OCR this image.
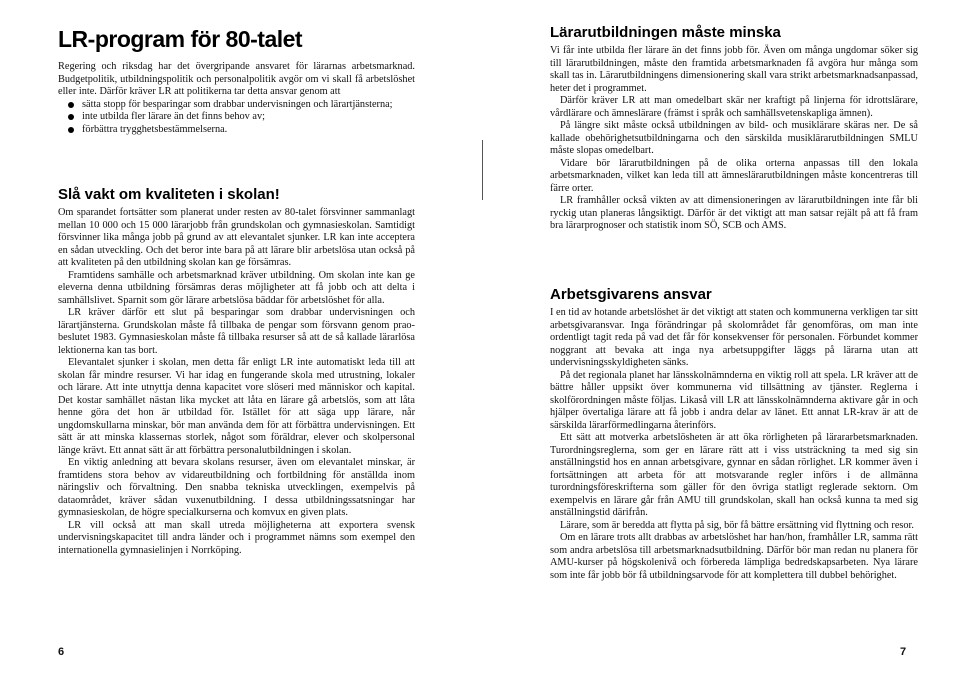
LR-program för 80-talet

Regering och riksdag har det övergripande ansvaret för lärarnas arbetsmarknad. Budgetpolitik, utbildningspolitik och personalpolitik avgör om vi skall få arbetslöshet eller inte. Därför kräver LR att politikerna tar detta ansvar genom att

sätta stopp för besparingar som drabbar undervisningen och lärartjänsterna;
inte utbilda fler lärare än det finns behov av;
förbättra trygghetsbestämmelserna.
Slå vakt om kvaliteten i skolan!

Om sparandet fortsätter som planerat under resten av 80-talet försvinner sammanlagt mellan 10 000 och 15 000 lärarjobb från grundskolan och gymnasieskolan. Samtidigt försvinner lika många jobb på grund av att elevantalet sjunker. LR kan inte acceptera en sådan utveckling. Och det beror inte bara på att lärare blir arbetslösa utan också på att kvaliteten på den utbildning skolan kan ge försämras.

Framtidens samhälle och arbetsmarknad kräver utbildning. Om skolan inte kan ge eleverna denna utbildning försämras deras möjligheter att få jobb och att delta i samhällslivet. Sparnit som gör lärare arbetslösa bäddar för arbetslöshet för alla.

LR kräver därför ett slut på besparingar som drabbar undervisningen och lärartjänsterna. Grundskolan måste få tillbaka de pengar som försvann genom prao-beslutet 1983. Gymnasieskolan måste få tillbaka resurser så att de så kallade lärarlösa lektionerna kan tas bort.

Elevantalet sjunker i skolan, men detta får enligt LR inte automatiskt leda till att skolan får mindre resurser. Vi har idag en fungerande skola med utrustning, lokaler och lärare. Att inte utnyttja denna kapacitet vore slöseri med människor och kapital. Det kostar samhället nästan lika mycket att låta en lärare gå arbetslös, som att låta henne göra det hon är utbildad för. Istället för att säga upp lärare, når ungdomskullarna minskar, bör man använda dem för att förbättra undervisningen. Ett sätt är att minska klassernas storlek, något som föräldrar, elever och skolpersonal länge krävt. Ett annat sätt är att förbättra personalutbildningen i skolan.

En viktig anledning att bevara skolans resurser, även om elevantalet minskar, är framtidens stora behov av vidareutbildning och fortbildning för anställda inom näringsliv och förvaltning. Den snabba tekniska utvecklingen, exempelvis på dataområdet, kräver sådan vuxenutbildning. I dessa utbildningssatsningar har gymnasieskolan, de högre specialkurserna och komvux en given plats.

LR vill också att man skall utreda möjligheterna att exportera svensk undervisningskapacitet till andra länder och i programmet nämns som exempel den internationella gymnasielinjen i Norrköping.

6
Lärarutbildningen måste minska

Vi får inte utbilda fler lärare än det finns jobb för. Även om många ungdomar söker sig till lärarutbildningen, måste den framtida arbetsmarknaden få avgöra hur många som skall tas in. Lärarutbildningens dimensionering skall vara strikt arbetsmarknadsanpassad, heter det i programmet.

Därför kräver LR att man omedelbart skär ner kraftigt på linjerna för idrottslärare, vårdlärare och ämneslärare (främst i språk och samhällsvetenskapliga ämnen).

På längre sikt måste också utbildningen av bild- och musiklärare skäras ner. De så kallade obehörighetsutbildningarna och den särskilda musiklärarutbildningen SMLU måste slopas omedelbart.

Vidare bör lärarutbildningen på de olika orterna anpassas till den lokala arbetsmarknaden, vilket kan leda till att ämneslärarutbildningen måste koncentreras till färre orter.

LR framhåller också vikten av att dimensioneringen av lärarutbildningen inte får bli ryckig utan planeras långsiktigt. Därför är det viktigt att man satsar rejält på att få fram bra lärarprognoser och statistik inom SÖ, SCB och AMS.

Arbetsgivarens ansvar

I en tid av hotande arbetslöshet är det viktigt att staten och kommunerna verkligen tar sitt arbetsgivaransvar. Inga förändringar på skolområdet får genomföras, om man inte ordentligt tagit reda på vad det får för konsekvenser för personalen. Förbundet kommer noggrant att bevaka att inga nya arbetsuppgifter läggs på lärarna utan att undervisningsskyldigheten sänks.

På det regionala planet har länsskolnämnderna en viktig roll att spela. LR kräver att de bättre håller uppsikt över kommunerna vid tillsättning av tjänster. Reglerna i skolförordningen måste följas. Likaså vill LR att länsskolnämnderna aktivare går in och hjälper övertaliga lärare att få jobb i andra delar av länet. Ett annat LR-krav är att de särskilda lärarförmedlingarna återinförs.

Ett sätt att motverka arbetslösheten är att öka rörligheten på lärararbetsmarknaden. Turordningsreglerna, som ger en lärare rätt att i viss utsträckning ta med sig sin anställningstid hos en annan arbetsgivare, gynnar en sådan rörlighet. LR kommer även i fortsättningen att arbeta för att motsvarande regler införs i de allmänna turordningsföreskrifterna som gäller för den övriga statligt reglerade sektorn. Om exempelvis en lärare går från AMU till grundskolan, skall han också kunna ta med sig anställningstid därifrån.

Lärare, som är beredda att flytta på sig, bör få bättre ersättning vid flyttning och resor.

Om en lärare trots allt drabbas av arbetslöshet har han/hon, framhåller LR, samma rätt som andra arbetslösa till arbetsmarknadsutbildning. Därför bör man redan nu planera för AMU-kurser på högskolenivå och förbereda lämpliga bedredskapsarbeten. Nya lärare som inte får jobb bör få utbildningsarvode för att komplettera till dubbel behörighet.

7
